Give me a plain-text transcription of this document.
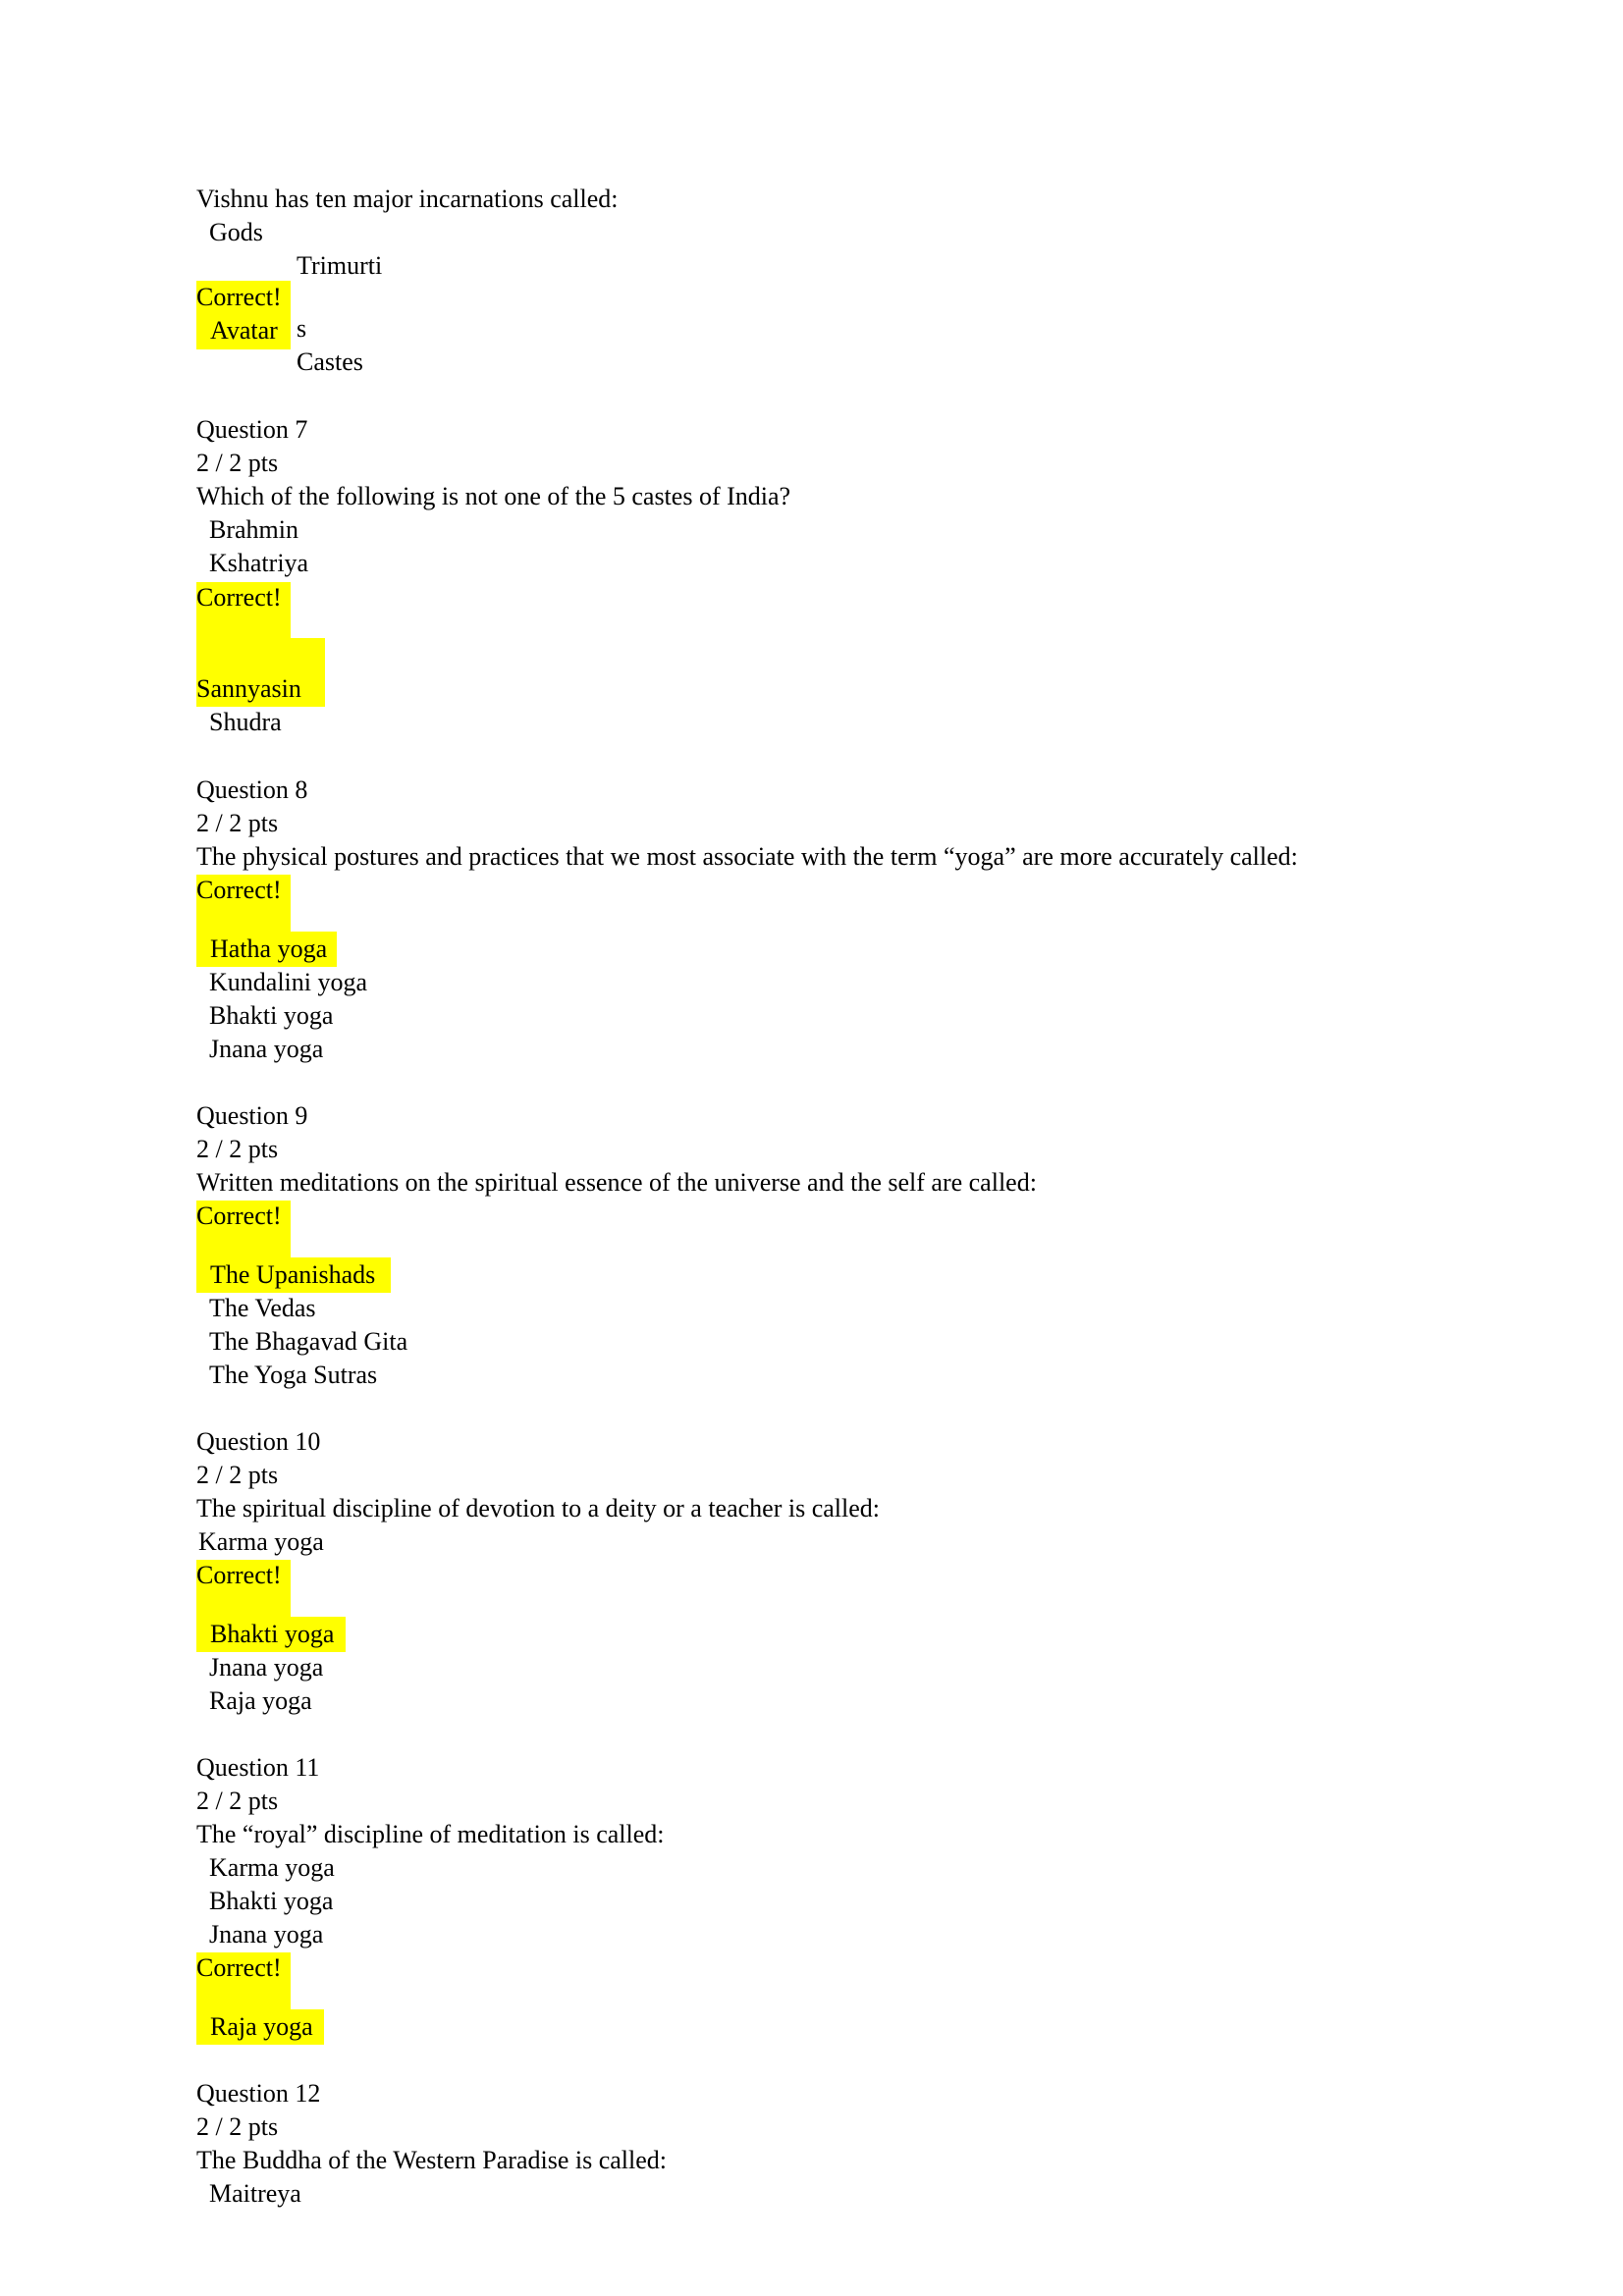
Vishnu has ten major incarnations called:
Gods
Trimurti
Correct!
Avatar s
Castes
Question 7
2 / 2 pts
Which of the following is not one of the 5 castes of India?
Brahmin
Kshatriya
Correct!
Sannyasin
Shudra
Question 8
2 / 2 pts
The physical postures and practices that we most associate with the term “yoga” are more accurately called:
Correct!
Hatha yoga
Kundalini yoga
Bhakti yoga
Jnana yoga
Question 9
2 / 2 pts
Written meditations on the spiritual essence of the universe and the self are called:
Correct!
The Upanishads
The Vedas
The Bhagavad Gita
The Yoga Sutras
Question 10
2 / 2 pts
The spiritual discipline of devotion to a deity or a teacher is called:
Karma yoga
Correct!
Bhakti yoga
Jnana yoga
Raja yoga
Question 11
2 / 2 pts
The “royal” discipline of meditation is called:
Karma yoga
Bhakti yoga
Jnana yoga
Correct!
Raja yoga
Question 12
2 / 2 pts
The Buddha of the Western Paradise is called:
Maitreya
